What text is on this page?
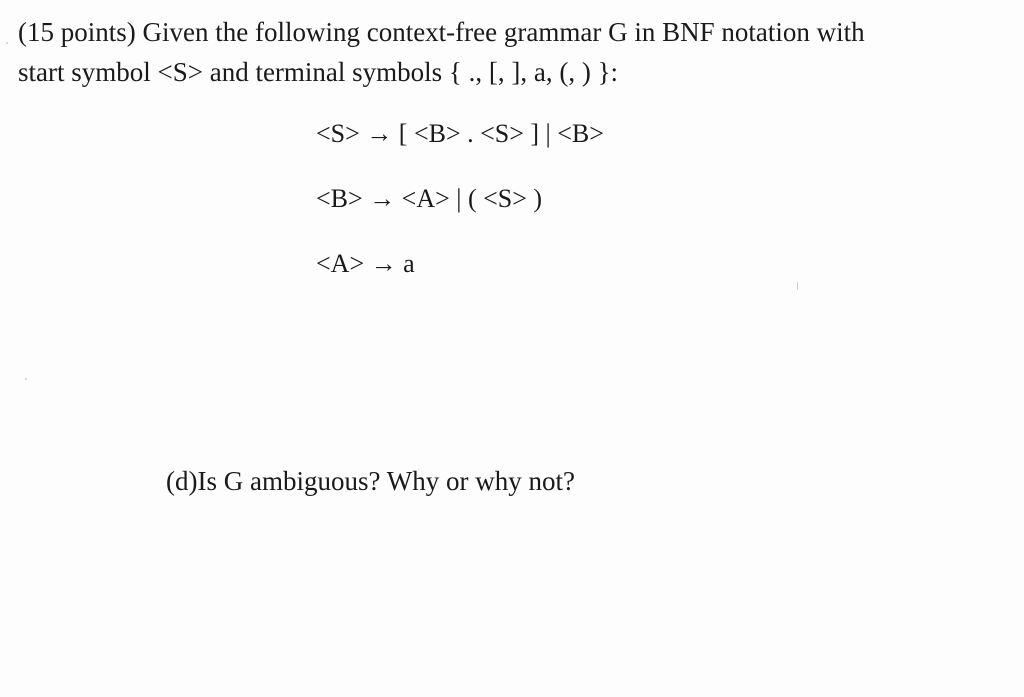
(15 points) Given the following context-free grammar G in BNF notation with
start symbol <S> and terminal symbols { ., [, ], a, (, ) }:
<S> → [ <B> . <S> ] | <B>
<B> → <A> | ( <S> )
<A> → a
(d)Is G ambiguous? Why or why not?
